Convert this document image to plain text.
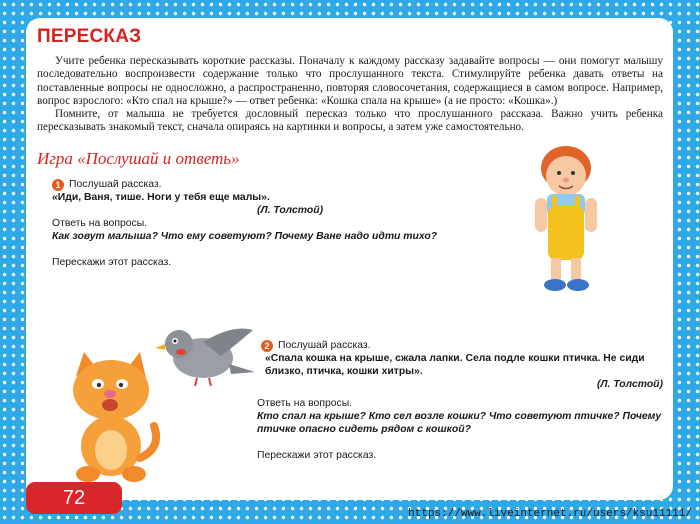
ПЕРЕСКАЗ

Учите ребенка пересказывать короткие рассказы. Поначалу к каждому рассказу задавайте вопросы — они помогут малышу последовательно воспроизвести содержание только что прослушанного текста. Стимулируйте ребенка давать ответы на поставленные вопросы не односложно, а распространенно, повторяя словосочетания, содержащиеся в самом вопросе. Например, вопрос взрослого: «Кто спал на крыше?» — ответ ребенка: «Кошка спала на крыше» (а не просто: «Кошка».)

Помните, от малыша не требуется дословный пересказ только что прослушанного рассказа. Важно учить ребенка пересказывать знакомый текст, сначала опираясь на картинки и вопросы, а затем уже самостоятельно.

Игра «Послушай и ответь»
1 Послушай рассказ.
«Иди, Ваня, тише. Ноги у тебя еще малы».
(Л. Толстой)
Ответь на вопросы.
Как зовут малыша? Что ему советуют? Почему Ване надо идти тихо?
Перескажи этот рассказ.
2 Послушай рассказ.
«Спала кошка на крыше, сжала лапки. Села подле кошки птичка. Не сиди близко, птичка, кошки хитры».
(Л. Толстой)
Ответь на вопросы.
Кто спал на крыше? Кто сел возле кошки? Что советуют птичке? Почему птичке опасно сидеть рядом с кошкой?
Перескажи этот рассказ.
72
https://www.liveinternet.ru/users/ksu11111/
